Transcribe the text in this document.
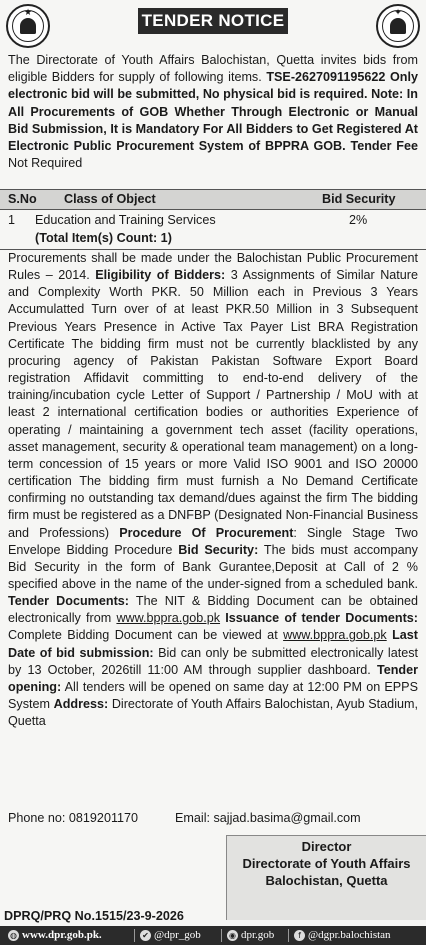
★	TENDER NOTICE	✦
The Directorate of Youth Affairs Balochistan, Quetta invites bids from eligible Bidders for supply of following items. TSE-2627091195622 Only electronic bid will be submitted, No physical bid is required. Note: In All Procurements of GOB Whether Through Electronic or Manual Bid Submission, It is Mandatory For All Bidders to Get Registered At Electronic Public Procurement System of BPPRA GOB. Tender Fee Not Required
S.No Class of Object	Bid Security
1 Education and Training Services	2%
(Total Item(s) Count: 1)
Procurements shall be made under the Balochistan Public Procurement Rules – 2014. Eligibility of Bidders: 3 Assignments of Similar Nature and Complexity Worth PKR. 50 Million each in Previous 3 Years Accumulatted Turn over of at least PKR.50 Million in 3 Subsequent Previous Years Presence in Active Tax Payer List BRA Registration Certificate The bidding firm must not be currently blacklisted by any procuring agency of Pakistan Pakistan Software Export Board registration Affidavit committing to end-to-end delivery of the training/incubation cycle Letter of Support / Partnership / MoU with at least 2 international certification bodies or authorities Experience of operating / maintaining a government tech asset (facility operations, asset management, security & operational team management) on a long-term concession of 15 years or more Valid ISO 9001 and ISO 20000 certification The bidding firm must furnish a No Demand Certificate confirming no outstanding tax demand/dues against the firm The bidding firm must be registered as a DNFBP (Designated Non-Financial Business and Professions) Procedure Of Procurement: Single Stage Two Envelope Bidding Procedure Bid Security: The bids must accompany Bid Security in the form of Bank Gurantee,Deposit at Call of 2 % specified above in the name of the under-signed from a scheduled bank. Tender Documents: The NIT & Bidding Document can be obtained electronically from www.bppra.gob.pk Issuance of tender Documents: Complete Bidding Document can be viewed at www.bppra.gob.pk Last Date of bid submission: Bid can only be submitted electronically latest by 13 October, 2026till 11:00 AM through supplier dashboard. Tender opening: All tenders will be opened on same day at 12:00 PM on EPPS System Address: Directorate of Youth Affairs Balochistan, Ayub Stadium, Quetta
Phone no: 0819201170	Email: sajjad.basima@gmail.com
Director
Directorate of Youth Affairs
Balochistan, Quetta
DPRQ/PRQ No.1515/23-9-2026
◍ www.dpr.gob.pk.	✔ @dpr_gob	◉ dpr.gob	f @dgpr.balochistan
